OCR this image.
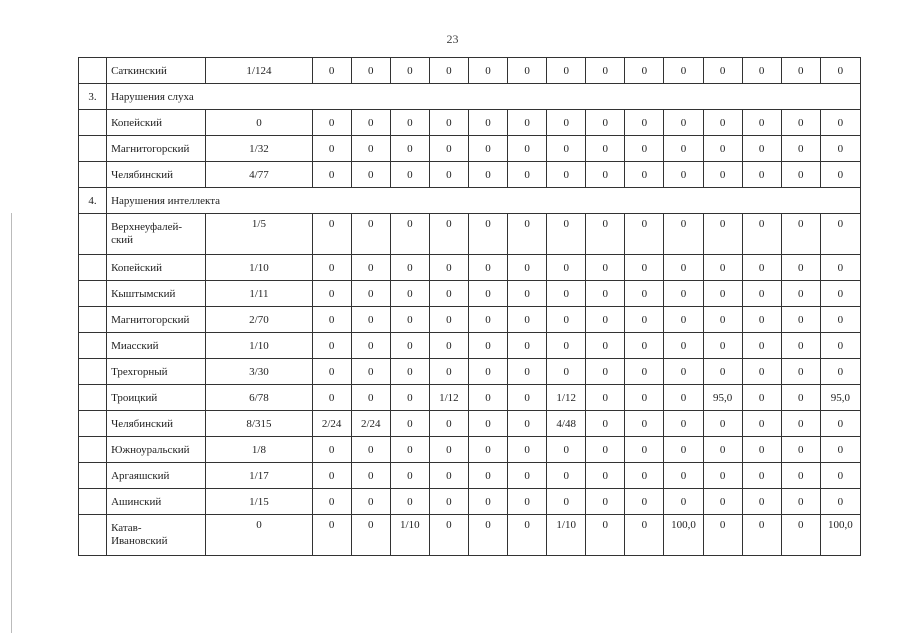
23
	Саткинский	1/124	0	0	0	0	0	0	0	0	0	0	0	0	0	0
3.	Нарушения слуха															
	Копейский	0	0	0	0	0	0	0	0	0	0	0	0	0	0	0
	Магнитогорский	1/32	0	0	0	0	0	0	0	0	0	0	0	0	0	0
	Челябинский	4/77	0	0	0	0	0	0	0	0	0	0	0	0	0	0
4.	Нарушения интеллекта															
	Верхнеуфалей-
ский	1/5	0	0	0	0	0	0	0	0	0	0	0	0	0	0
	Копейский	1/10	0	0	0	0	0	0	0	0	0	0	0	0	0	0
	Кыштымский	1/11	0	0	0	0	0	0	0	0	0	0	0	0	0	0
	Магнитогорский	2/70	0	0	0	0	0	0	0	0	0	0	0	0	0	0
	Миасский	1/10	0	0	0	0	0	0	0	0	0	0	0	0	0	0
	Трехгорный	3/30	0	0	0	0	0	0	0	0	0	0	0	0	0	0
	Троицкий	6/78	0	0	0	1/12	0	0	1/12	0	0	0	95,0	0	0	95,0
	Челябинский	8/315	2/24	2/24	0	0	0	0	4/48	0	0	0	0	0	0	0
	Южноуральский	1/8	0	0	0	0	0	0	0	0	0	0	0	0	0	0
	Аргаяшский	1/17	0	0	0	0	0	0	0	0	0	0	0	0	0	0
	Ашинский	1/15	0	0	0	0	0	0	0	0	0	0	0	0	0	0
	Катав-
Ивановский	0	0	0	1/10	0	0	0	1/10	0	0	100,0	0	0	0	100,0
